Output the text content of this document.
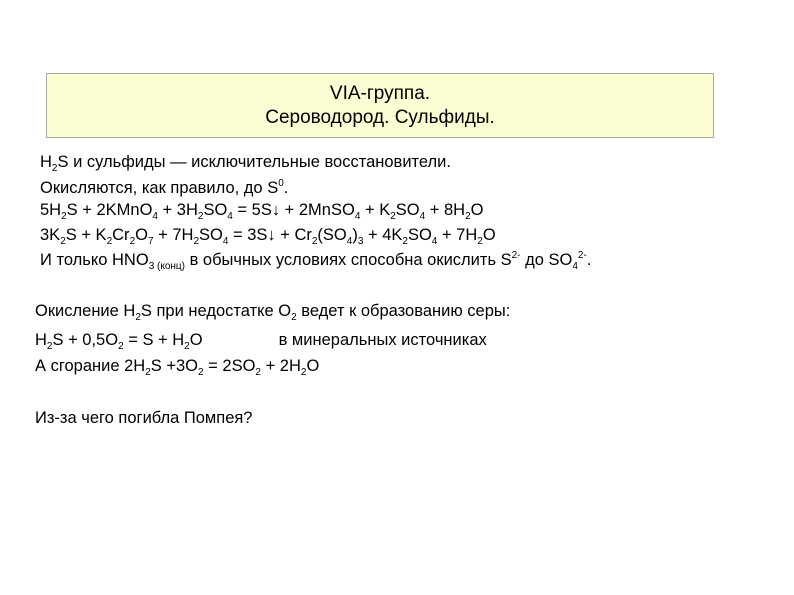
VIA-группа.
Сероводород. Сульфиды.
$H_2S$ и сульфиды — исключительные восстановители.
Окисляются, как правило, до $S^0$.
$5H_2S$ + 2KMnO$_4$ + $3H_2SO_4$ = 5S↓ + 2MnSO$_4$ + $K_2SO_4 + 8H_2O$
$3K_2S + K_2Cr_2O_7 + 7H_2SO_4$ = 3S↓ + $Cr_2(SO_4)_3 + 4K_2SO_4 + 7H_2O$
И только $HNO_{3 (конц)}$ в обычных условиях способна окислить $S^{2-}$ до $SO_4^{2-}$.
Окисление $H_2S$ при недостатке $O_2$ ведет к образованию серы:
$H_2S + 0,5O_2 = S + H_2O$	в минеральных источниках
А сгорание $2H_2S +3O_2 = 2SO_2 + 2H_2O$
Из-за чего погибла Помпея?
